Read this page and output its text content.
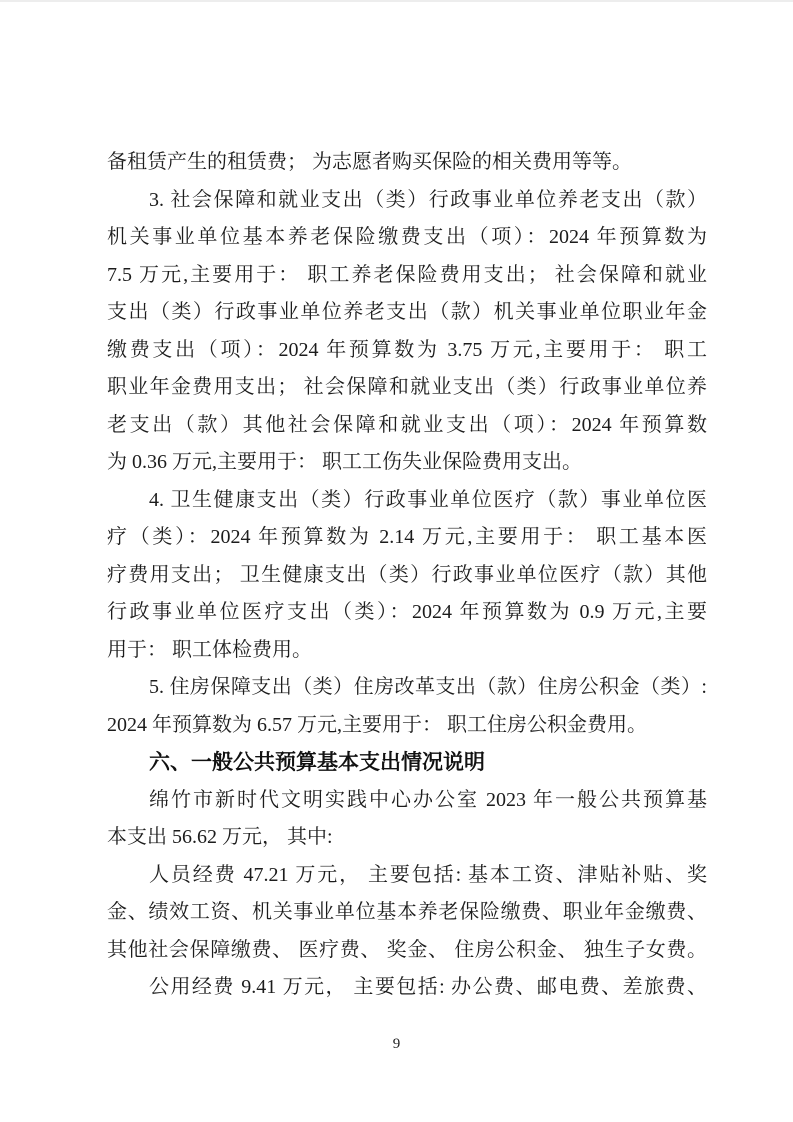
备租赁产生的租赁费； 为志愿者购买保险的相关费用等等。
3. 社会保障和就业支出（类）行政事业单位养老支出（款）
机关事业单位基本养老保险缴费支出（项）：2024 年预算数为
7.5 万元,主要用于： 职工养老保险费用支出； 社会保障和就业
支出（类）行政事业单位养老支出（款）机关事业单位职业年金
缴费支出（项）：2024 年预算数为 3.75 万元,主要用于： 职工
职业年金费用支出； 社会保障和就业支出（类）行政事业单位养
老支出（款）其他社会保障和就业支出（项）：2024 年预算数
为 0.36 万元,主要用于： 职工工伤失业保险费用支出。
4. 卫生健康支出（类）行政事业单位医疗（款）事业单位医
疗（类）：2024 年预算数为 2.14 万元,主要用于： 职工基本医
疗费用支出； 卫生健康支出（类）行政事业单位医疗（款）其他
行政事业单位医疗支出（类）：2024 年预算数为 0.9 万元,主要
用于： 职工体检费用。
5. 住房保障支出（类）住房改革支出（款）住房公积金（类）:
2024 年预算数为 6.57 万元,主要用于： 职工住房公积金费用。
六、一般公共预算基本支出情况说明
绵竹市新时代文明实践中心办公室 2023 年一般公共预算基
本支出 56.62 万元， 其中:
人员经费 47.21 万元， 主要包括: 基本工资、津贴补贴、奖
金、绩效工资、机关事业单位基本养老保险缴费、职业年金缴费、
其他社会保障缴费、 医疗费、 奖金、 住房公积金、 独生子女费。
公用经费 9.41 万元， 主要包括: 办公费、邮电费、差旅费、
9
